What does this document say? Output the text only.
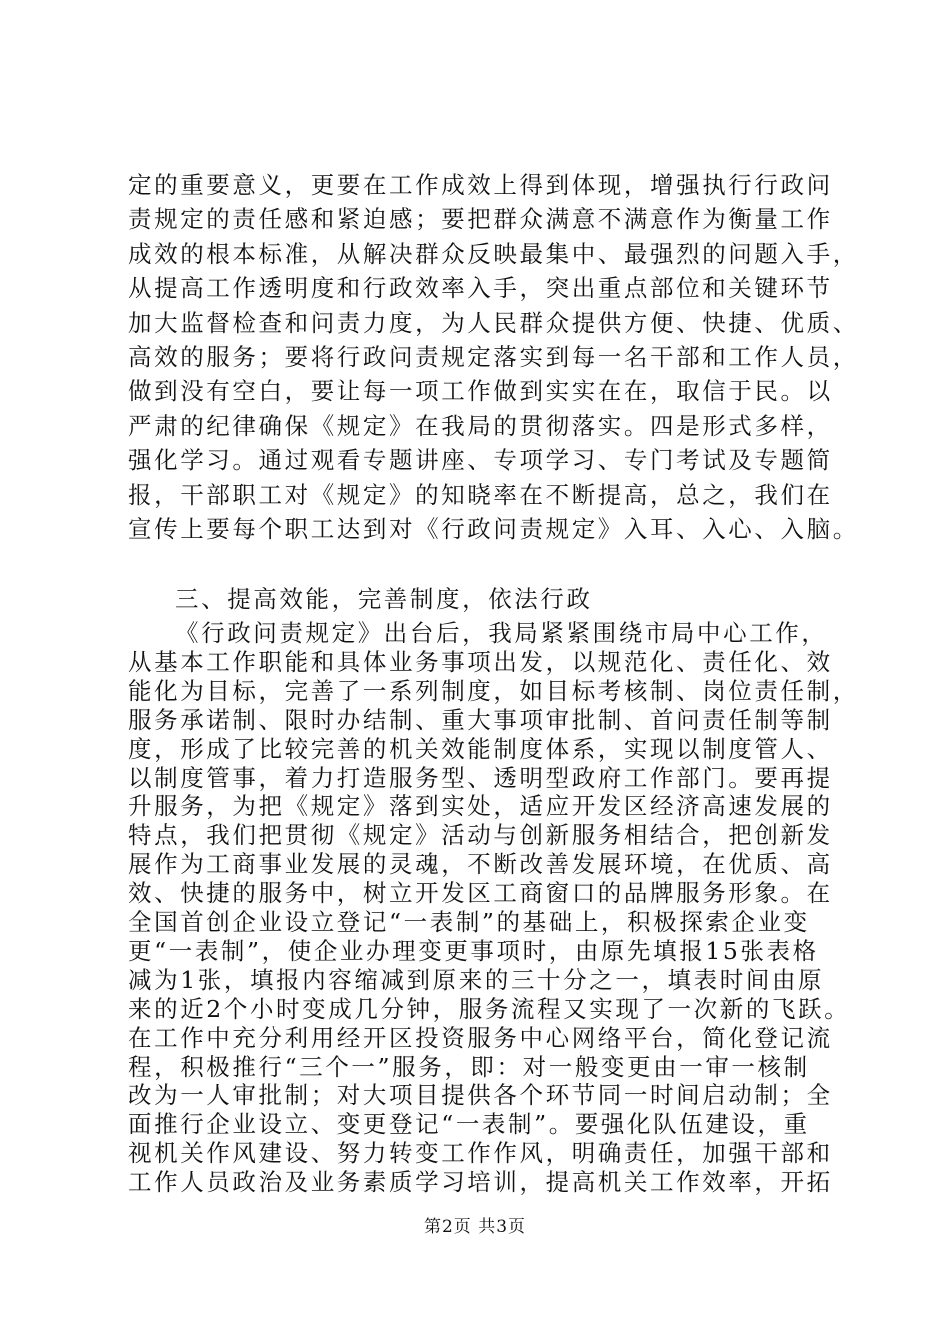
定的重要意义，更要在工作成效上得到体现，增强执行行政问
责规定的责任感和紧迫感；要把群众满意不满意作为衡量工作
成效的根本标准，从解决群众反映最集中、最强烈的问题入手，
从提高工作透明度和行政效率入手，突出重点部位和关键环节
加大监督检查和问责力度，为人民群众提供方便、快捷、优质、
高效的服务；要将行政问责规定落实到每一名干部和工作人员，
做到没有空白，要让每一项工作做到实实在在，取信于民。以
严肃的纪律确保《规定》在我局的贯彻落实。四是形式多样，
强化学习。通过观看专题讲座、专项学习、专门考试及专题简
报，干部职工对《规定》的知晓率在不断提高，总之，我们在
宣传上要每个职工达到对《行政问责规定》入耳、入心、入脑。
三、提高效能，完善制度，依法行政
《行政问责规定》出台后，我局紧紧围绕市局中心工作，
从基本工作职能和具体业务事项出发，以规范化、责任化、效
能化为目标，完善了一系列制度，如目标考核制、岗位责任制，
服务承诺制、限时办结制、重大事项审批制、首问责任制等制
度，形成了比较完善的机关效能制度体系，实现以制度管人、
以制度管事，着力打造服务型、透明型政府工作部门。要再提
升服务，为把《规定》落到实处，适应开发区经济高速发展的
特点，我们把贯彻《规定》活动与创新服务相结合，把创新发
展作为工商事业发展的灵魂，不断改善发展环境，在优质、高
效、快捷的服务中，树立开发区工商窗口的品牌服务形象。在
全国首创企业设立登记“一表制”的基础上，积极探索企业变
更“一表制”，使企业办理变更事项时，由原先填报15张表格
减为1张，填报内容缩减到原来的三十分之一，填表时间由原
来的近2个小时变成几分钟，服务流程又实现了一次新的飞跃。
在工作中充分利用经开区投资服务中心网络平台，简化登记流
程，积极推行“三个一”服务，即：对一般变更由一审一核制
改为一人审批制；对大项目提供各个环节同一时间启动制；全
第2页 共3页
面推行企业设立、变更登记“一表制”。要强化队伍建设，重
视机关作风建设、努力转变工作作风，明确责任，加强干部和
工作人员政治及业务素质学习培训，提高机关工作效率，开拓
